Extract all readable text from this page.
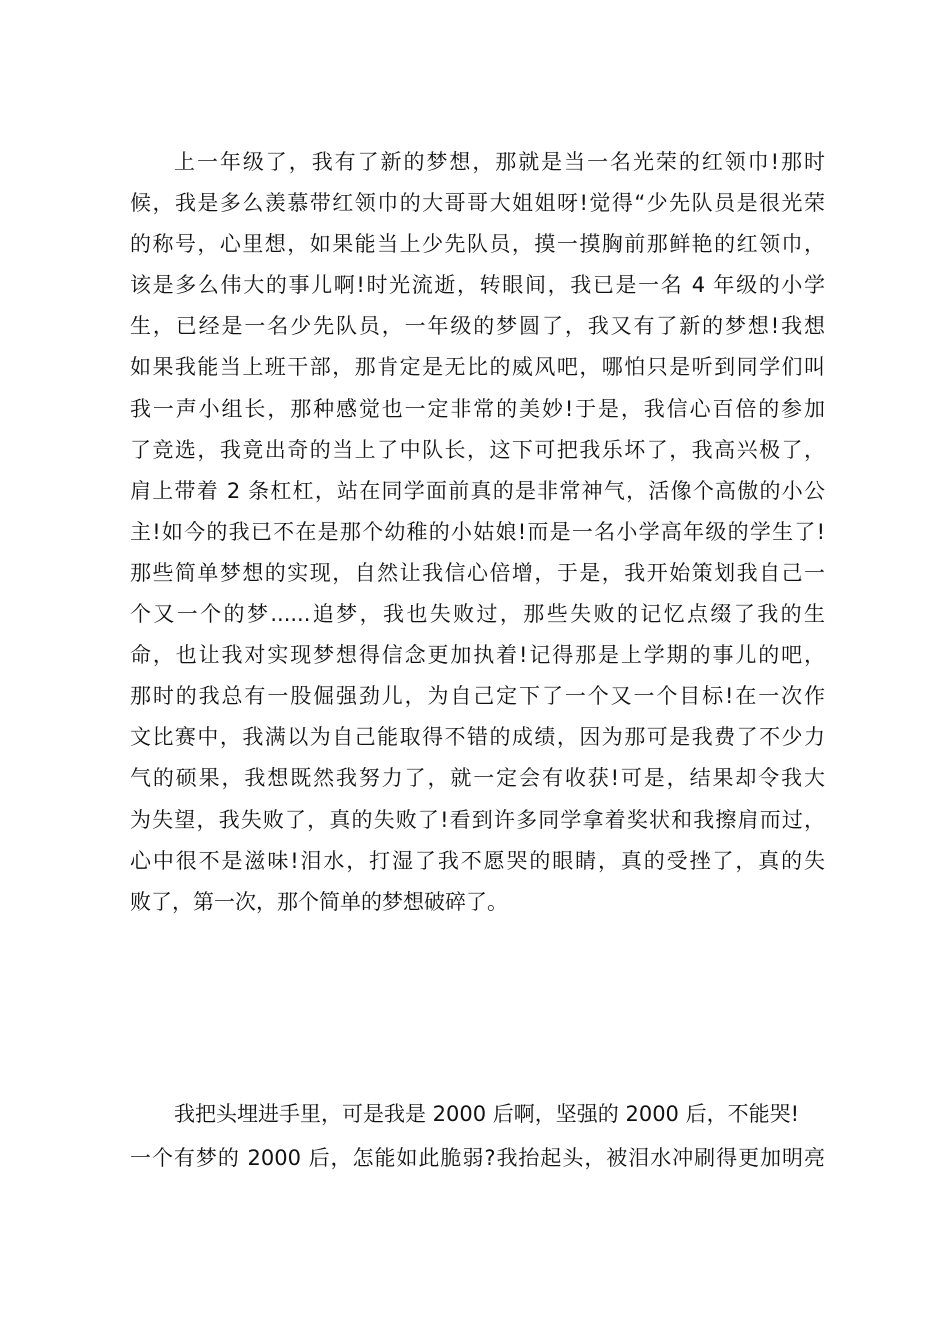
上一年级了，我有了新的梦想，那就是当一名光荣的红领巾!那时
候，我是多么羡慕带红领巾的大哥哥大姐姐呀!觉得“少先队员是很光荣
的称号，心里想，如果能当上少先队员，摸一摸胸前那鲜艳的红领巾，
该是多么伟大的事儿啊!时光流逝，转眼间，我已是一名 4 年级的小学
生，已经是一名少先队员，一年级的梦圆了，我又有了新的梦想!我想
如果我能当上班干部，那肯定是无比的威风吧，哪怕只是听到同学们叫
我一声小组长，那种感觉也一定非常的美妙!于是，我信心百倍的参加
了竞选，我竟出奇的当上了中队长，这下可把我乐坏了，我高兴极了，
肩上带着 2 条杠杠，站在同学面前真的是非常神气，活像个高傲的小公
主!如今的我已不在是那个幼稚的小姑娘!而是一名小学高年级的学生了!
那些简单梦想的实现，自然让我信心倍增，于是，我开始策划我自己一
个又一个的梦......追梦，我也失败过，那些失败的记忆点缀了我的生
命，也让我对实现梦想得信念更加执着!记得那是上学期的事儿的吧，
那时的我总有一股倔强劲儿，为自己定下了一个又一个目标!在一次作
文比赛中，我满以为自己能取得不错的成绩，因为那可是我费了不少力
气的硕果，我想既然我努力了，就一定会有收获!可是，结果却令我大
为失望，我失败了，真的失败了!看到许多同学拿着奖状和我擦肩而过，
心中很不是滋味!泪水，打湿了我不愿哭的眼睛，真的受挫了，真的失
败了，第一次，那个简单的梦想破碎了。
我把头埋进手里，可是我是 2000 后啊，坚强的 2000 后，不能哭!
一个有梦的 2000 后，怎能如此脆弱?我抬起头，被泪水冲刷得更加明亮
